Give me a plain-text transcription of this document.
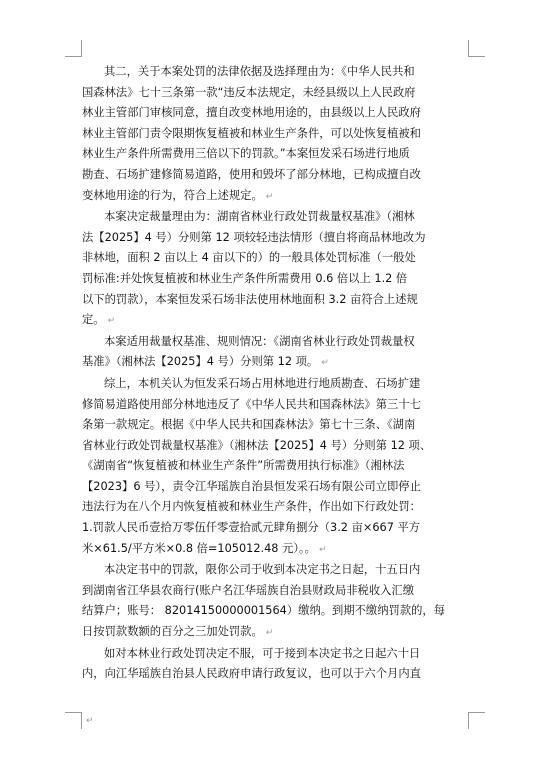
其二，关于本案处罚的法律依据及选择理由为：《中华人民共和
国森林法》七十三条第一款“违反本法规定，未经县级以上人民政府
林业主管部门审核同意，擅自改变林地用途的，由县级以上人民政府
林业主管部门责令限期恢复植被和林业生产条件，可以处恢复植被和
林业生产条件所需费用三倍以下的罚款。”本案恒发采石场进行地质
勘查、石场扩建修简易道路，使用和毁坏了部分林地，已构成擅自改
变林地用途的行为，符合上述规定。 ↵

本案决定裁量理由为：湖南省林业行政处罚裁量权基准》（湘林
法【2025】4 号）分则第 12 项较轻违法情形（擅自将商品林地改为
非林地，面积 2 亩以上 4 亩以下的）的一般具体处罚标准（一般处
罚标准:并处恢复植被和林业生产条件所需费用 0.6 倍以上 1.2 倍
以下的罚款），本案恒发采石场非法使用林地面积 3.2 亩符合上述规
定。 ↵

本案适用裁量权基准、规则情况：《湖南省林业行政处罚裁量权
基准》（湘林法【2025】4 号）分则第 12 项。 ↵

综上，本机关认为恒发采石场占用林地进行地质勘查、石场扩建
修简易道路使用部分林地违反了《中华人民共和国森林法》第三十七
条第一款规定。根据《中华人民共和国森林法》第七十三条、《湖南
省林业行政处罚裁量权基准》（湘林法【2025】4 号）分则第 12 项、
《湖南省“恢复植被和林业生产条件”所需费用执行标准》（湘林法
【2023】6 号），责令江华瑶族自治县恒发采石场有限公司立即停止
违法行为在八个月内恢复植被和林业生产条件，作出如下行政处罚：
1.罚款人民币壹拾万零伍仟零壹拾贰元肆角捌分（3.2 亩×667 平方
米×61.5/平方米×0.8 倍=105012.48 元）。。 ↵

本决定书中的罚款，限你公司于收到本决定书之日起，十五日内
到湖南省江华县农商行(账户名江华瑶族自治县财政局非税收入汇缴
结算户；账号： 82014150000001564）缴纳。到期不缴纳罚款的，每
日按罚款数额的百分之三加处罚款。 ↵

如对本林业行政处罚决定不服，可于接到本决定书之日起六十日
内，向江华瑶族自治县人民政府申请行政复议，也可以于六个月内直

↵
